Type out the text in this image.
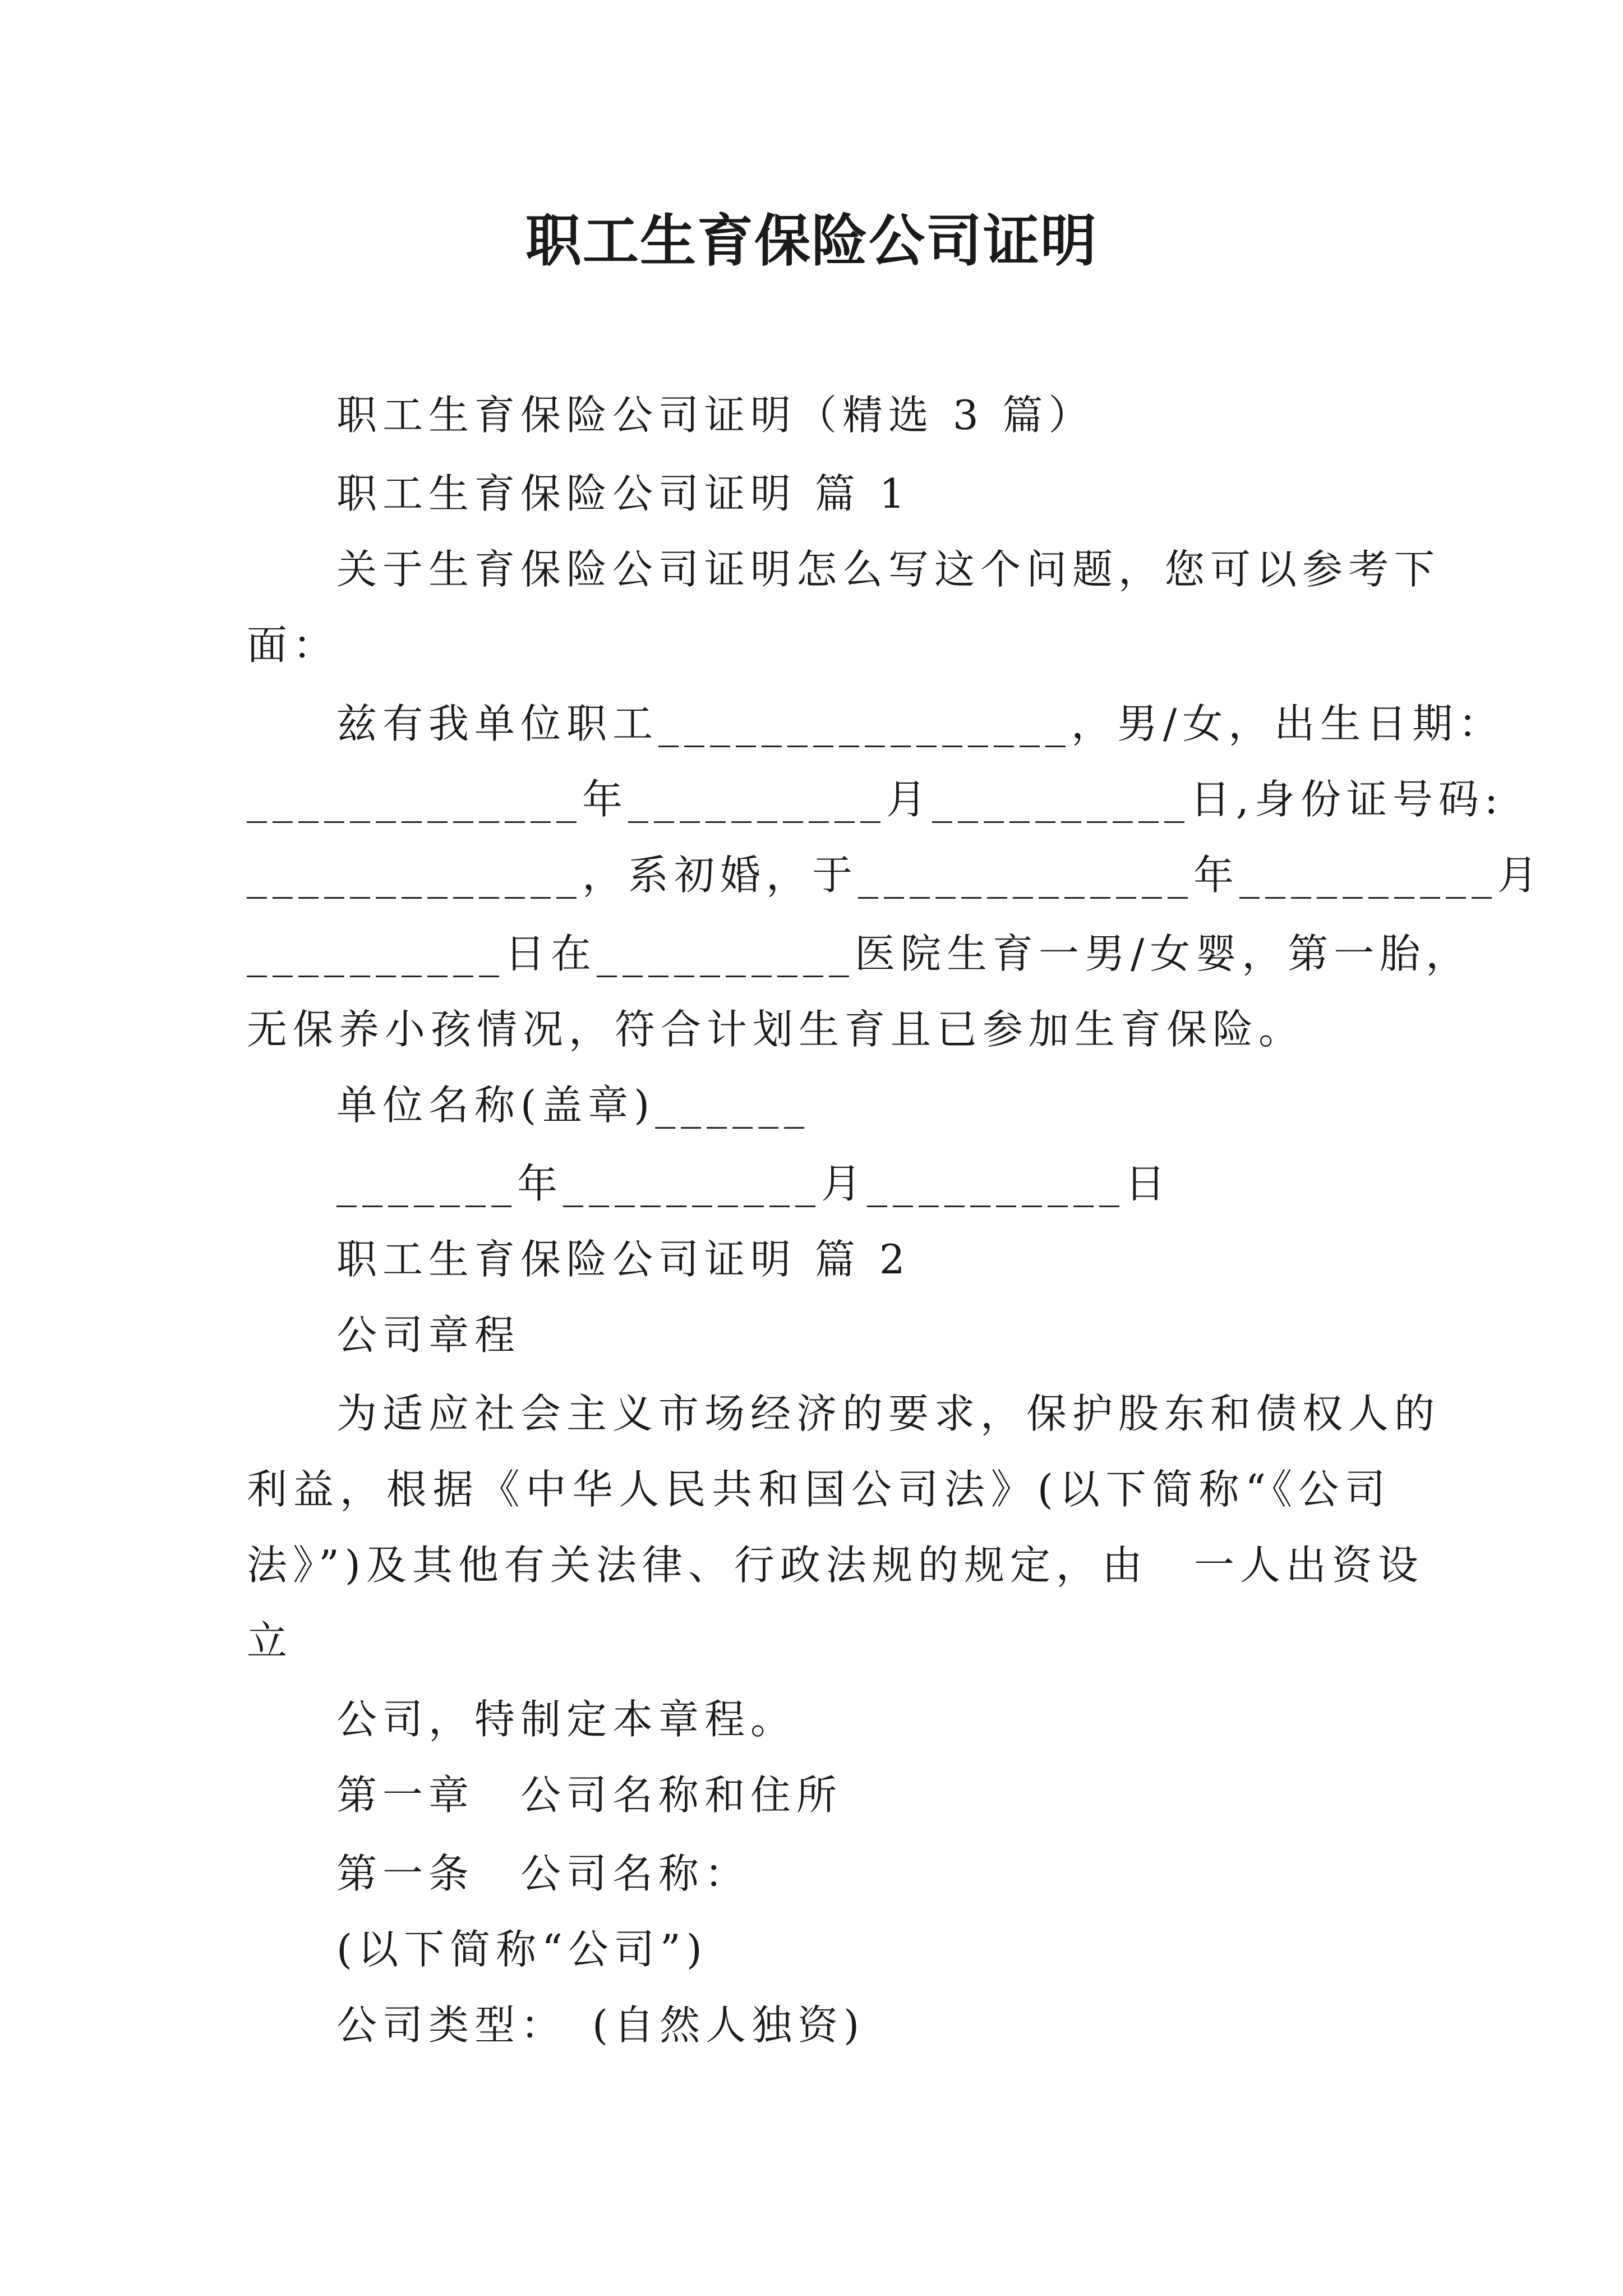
职工生育保险公司证明

职工生育保险公司证明（精选 3 篇）

职工生育保险公司证明 篇 1

关于生育保险公司证明怎么写这个问题，您可以参考下

面：

兹有我单位职工________________，男/女，出生日期：

_____________年__________月__________日,身份证号码:

_____________，系初婚，于_____________年__________月

__________日在__________医院生育一男/女婴，第一胎，

无保养小孩情况，符合计划生育且已参加生育保险。

单位名称(盖章)______

_______年__________月__________日

职工生育保险公司证明 篇 2

公司章程

为适应社会主义市场经济的要求，保护股东和债权人的

利益，根据《中华人民共和国公司法》(以下简称“《公司

法》”)及其他有关法律、行政法规的规定，由　一人出资设

立

公司，特制定本章程。

第一章　公司名称和住所

第一条　公司名称：

(以下简称“公司”)

公司类型：　(自然人独资)
